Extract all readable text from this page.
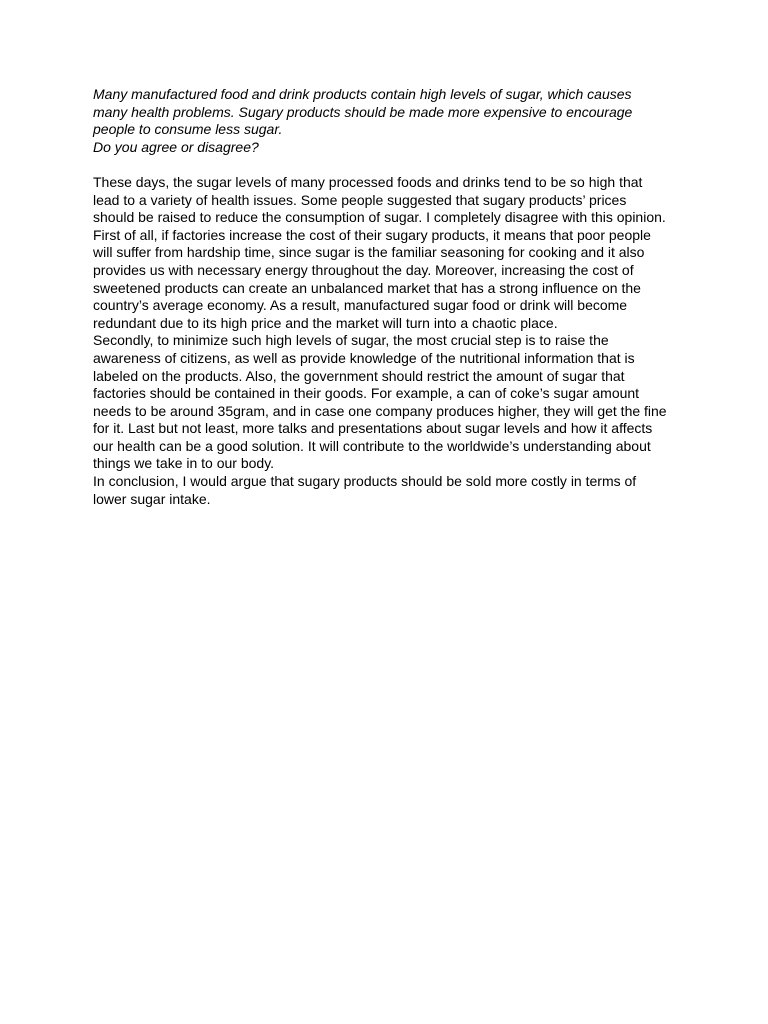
Many manufactured food and drink products contain high levels of sugar, which causes

many health problems. Sugary products should be made more expensive to encourage

people to consume less sugar.

Do you agree or disagree?

These days, the sugar levels of many processed foods and drinks tend to be so high that

lead to a variety of health issues. Some people suggested that sugary products’ prices

should be raised to reduce the consumption of sugar. I completely disagree with this opinion.

First of all, if factories increase the cost of their sugary products, it means that poor people

will suffer from hardship time, since sugar is the familiar seasoning for cooking and it also

provides us with necessary energy throughout the day. Moreover, increasing the cost of

sweetened products can create an unbalanced market that has a strong influence on the

country’s average economy. As a result, manufactured sugar food or drink will become

redundant due to its high price and the market will turn into a chaotic place.

Secondly, to minimize such high levels of sugar, the most crucial step is to raise the

awareness of citizens, as well as provide knowledge of the nutritional information that is

labeled on the products. Also, the government should restrict the amount of sugar that

factories should be contained in their goods. For example, a can of coke’s sugar amount

needs to be around 35gram, and in case one company produces higher, they will get the fine

for it. Last but not least, more talks and presentations about sugar levels and how it affects

our health can be a good solution. It will contribute to the worldwide’s understanding about

things we take in to our body.

In conclusion, I would argue that sugary products should be sold more costly in terms of

lower sugar intake.
